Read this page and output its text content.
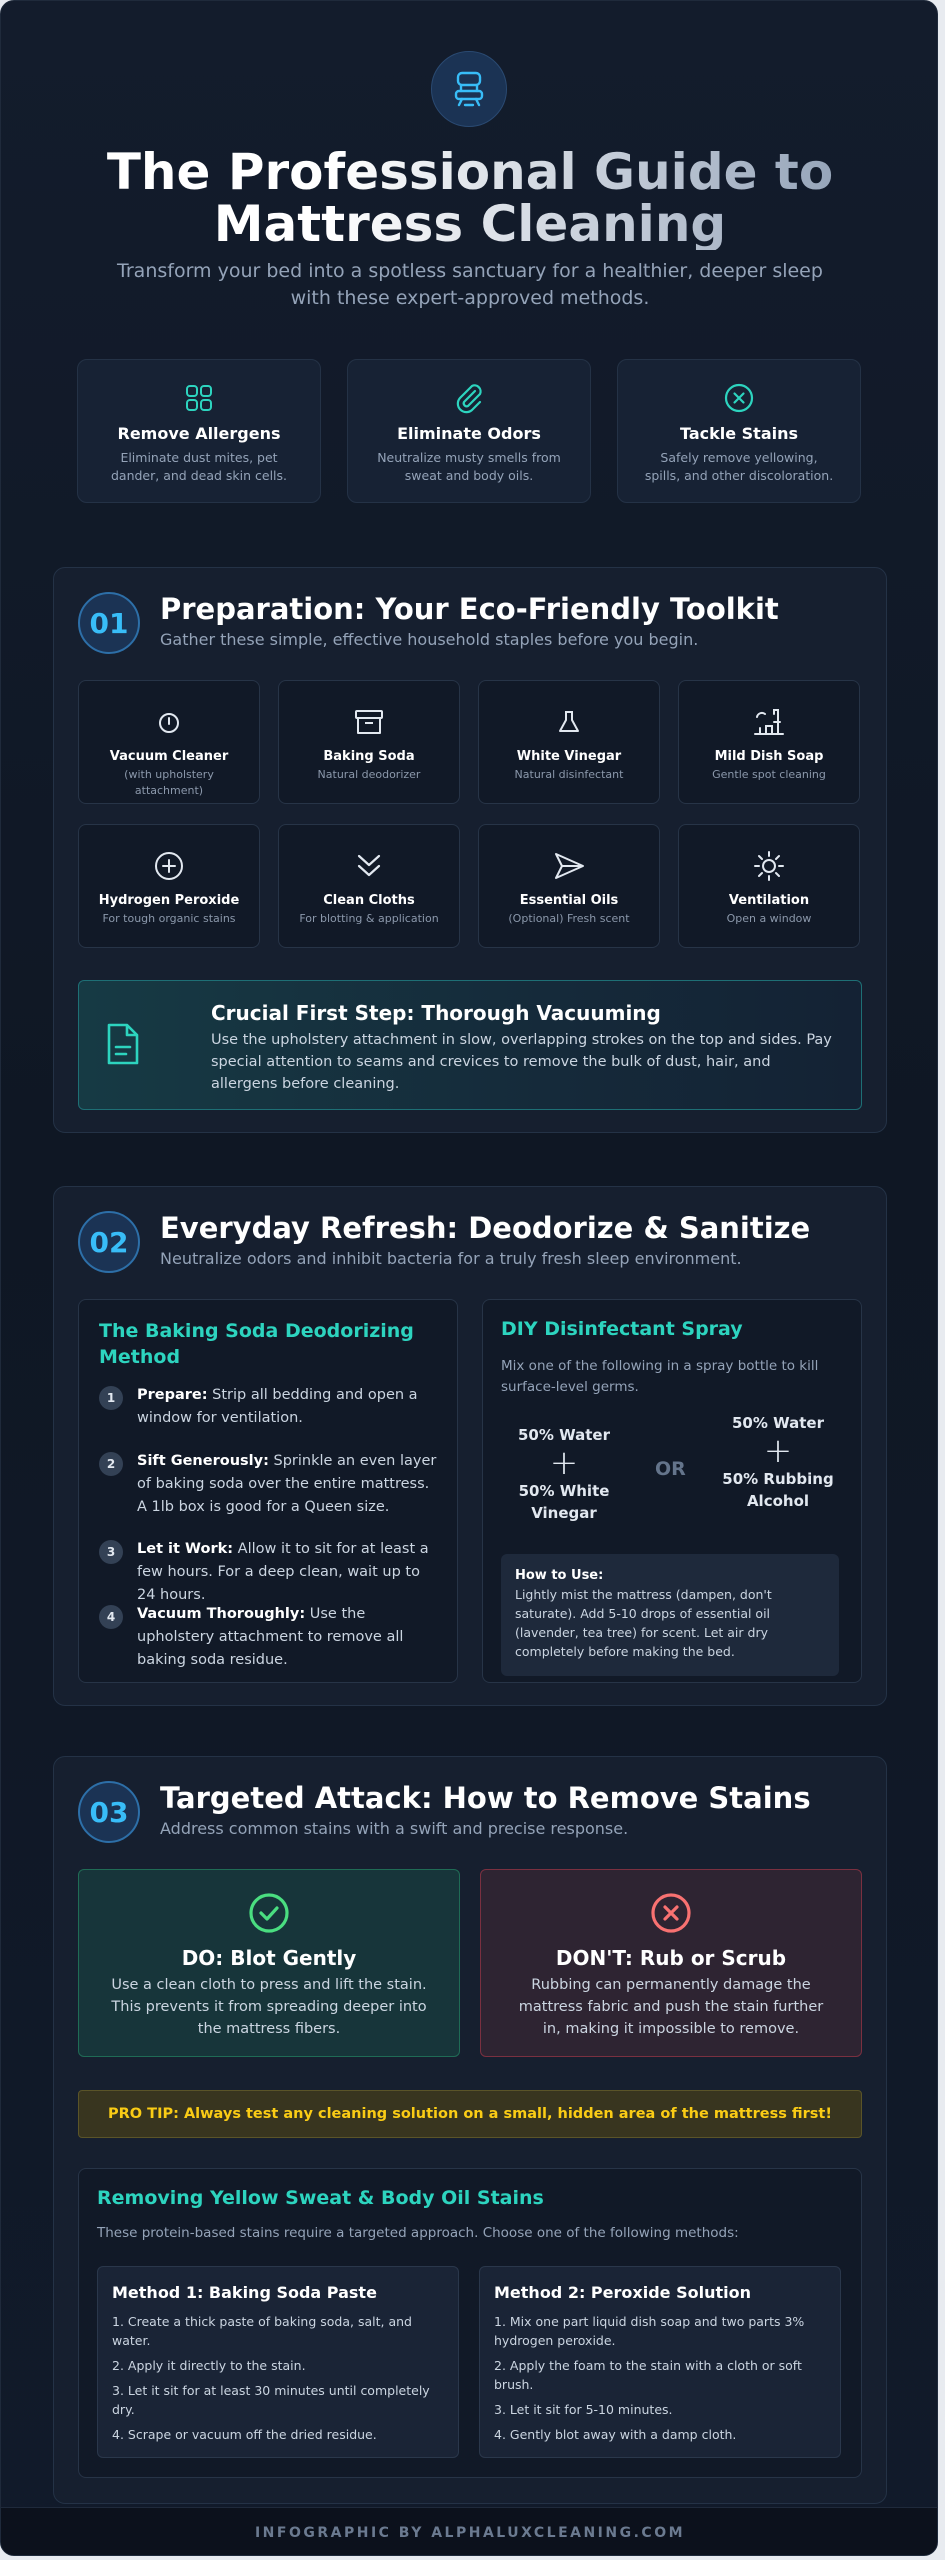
The Professional Guide to
Mattress Cleaning
Transform your bed into a spotless sanctuary for a healthier, deeper sleep with these expert-approved methods.
Remove Allergens
Eliminate dust mites, pet dander, and dead skin cells.
Eliminate Odors
Neutralize musty smells from sweat and body oils.
Tackle Stains
Safely remove yellowing, spills, and other discoloration.
01	Preparation: Your Eco-Friendly Toolkit
Gather these simple, effective household staples before you begin.
Vacuum Cleaner
(with upholstery attachment)
Baking Soda
Natural deodorizer
White Vinegar
Natural disinfectant
Mild Dish Soap
Gentle spot cleaning
Hydrogen Peroxide
For tough organic stains
Clean Cloths
For blotting & application
Essential Oils
(Optional) Fresh scent
Ventilation
Open a window
Crucial First Step: Thorough Vacuuming
Use the upholstery attachment in slow, overlapping strokes on the top and sides. Pay special attention to seams and crevices to remove the bulk of dust, hair, and allergens before cleaning.
02	Everyday Refresh: Deodorize & Sanitize
Neutralize odors and inhibit bacteria for a truly fresh sleep environment.
The Baking Soda Deodorizing
Method
1	Prepare: Strip all bedding and open a window for ventilation.
2	Sift Generously: Sprinkle an even layer of baking soda over the entire mattress. A 1lb box is good for a Queen size.
3	Let it Work: Allow it to sit for at least a few hours. For a deep clean, wait up to 24 hours.
4	Vacuum Thoroughly: Use the upholstery attachment to remove all baking soda residue.
DIY Disinfectant Spray
Mix one of the following in a spray bottle to kill surface-level germs.
50% Water
+
50% White Vinegar
OR
50% Water
+
50% Rubbing Alcohol
How to Use:
Lightly mist the mattress (dampen, don't saturate). Add 5-10 drops of essential oil (lavender, tea tree) for scent. Let air dry completely before making the bed.
03	Targeted Attack: How to Remove Stains
Address common stains with a swift and precise response.
DO: Blot Gently
Use a clean cloth to press and lift the stain. This prevents it from spreading deeper into the mattress fibers.
DON'T: Rub or Scrub
Rubbing can permanently damage the mattress fabric and push the stain further in, making it impossible to remove.
PRO TIP: Always test any cleaning solution on a small, hidden area of the mattress first!
Removing Yellow Sweat & Body Oil Stains
These protein-based stains require a targeted approach. Choose one of the following methods:
Method 1: Baking Soda Paste
1. Create a thick paste of baking soda, salt, and water.
2. Apply it directly to the stain.
3. Let it sit for at least 30 minutes until completely dry.
4. Scrape or vacuum off the dried residue.
Method 2: Peroxide Solution
1. Mix one part liquid dish soap and two parts 3% hydrogen peroxide.
2. Apply the foam to the stain with a cloth or soft brush.
3. Let it sit for 5-10 minutes.
4. Gently blot away with a damp cloth.
INFOGRAPHIC BY ALPHALUXCLEANING.COM
